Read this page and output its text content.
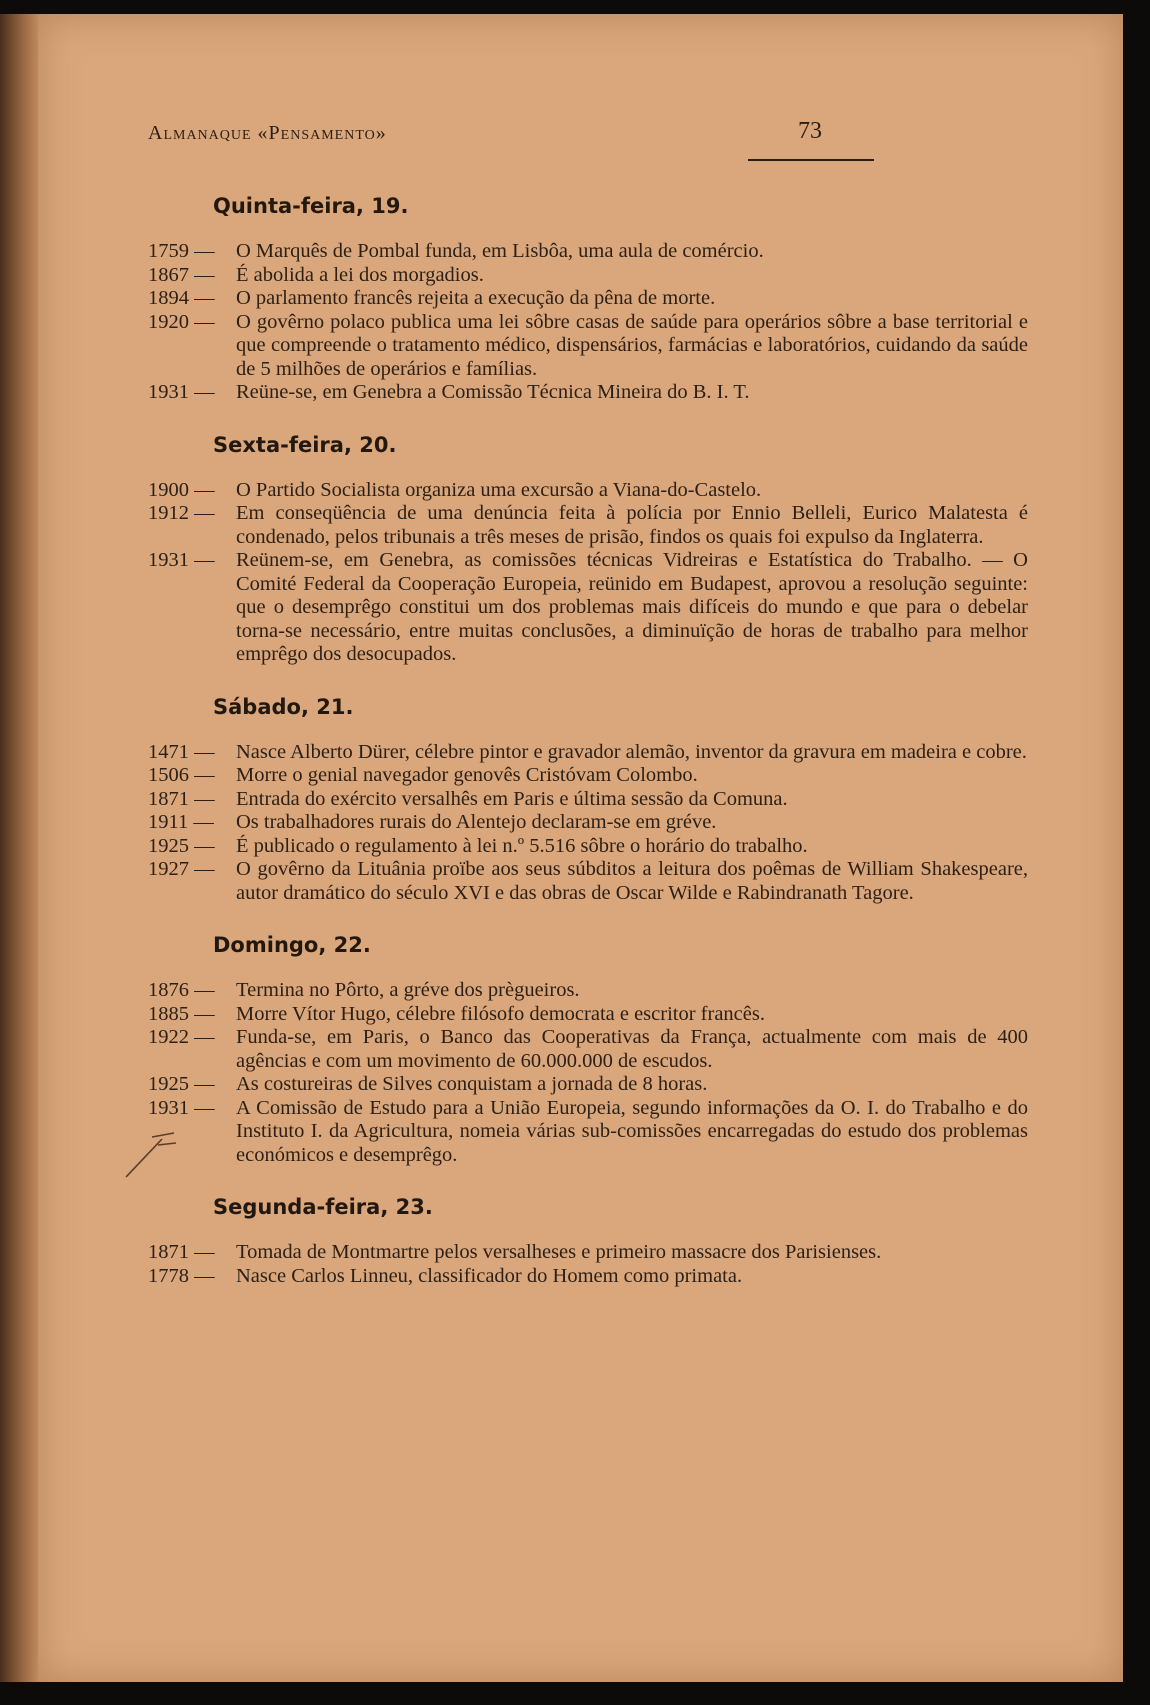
Almanaque «Pensamento»	73
Quinta-feira, 19.
1759 —	O Marquês de Pombal funda, em Lisbôa, uma aula de comércio.
1867 —	É abolida a lei dos morgadios.
1894 —	O parlamento francês rejeita a execução da pêna de morte.
1920 —	O govêrno polaco publica uma lei sôbre casas de saúde para operários sôbre a base territorial e que compreende o tratamento médico, dispensários, farmácias e laboratórios, cuidando da saúde de 5 milhões de operários e famílias.
1931 —	Reüne-se, em Genebra a Comissão Técnica Mineira do B. I. T.
Sexta-feira, 20.
1900 —	O Partido Socialista organiza uma excursão a Viana-do-Castelo.
1912 —	Em conseqüência de uma denúncia feita à polícia por Ennio Belleli, Eurico Malatesta é condenado, pelos tribunais a três meses de prisão, findos os quais foi expulso da Inglaterra.
1931 —	Reünem-se, em Genebra, as comissões técnicas Vidreiras e Estatística do Trabalho. — O Comité Federal da Cooperação Europeia, reünido em Budapest, aprovou a resolução seguinte: que o desemprêgo constitui um dos problemas mais difíceis do mundo e que para o debelar torna-se necessário, entre muitas conclusões, a diminuïção de horas de trabalho para melhor emprêgo dos desocupados.
Sábado, 21.
1471 —	Nasce Alberto Dürer, célebre pintor e gravador alemão, inventor da gravura em madeira e cobre.
1506 —	Morre o genial navegador genovês Cristóvam Colombo.
1871 —	Entrada do exército versalhês em Paris e última sessão da Comuna.
1911 —	Os trabalhadores rurais do Alentejo declaram-se em gréve.
1925 —	É publicado o regulamento à lei n.º 5.516 sôbre o horário do trabalho.
1927 —	O govêrno da Lituânia proïbe aos seus súbditos a leitura dos poêmas de William Shakespeare, autor dramático do século XVI e das obras de Oscar Wilde e Rabindranath Tagore.
Domingo, 22.
1876 —	Termina no Pôrto, a gréve dos prègueiros.
1885 —	Morre Vítor Hugo, célebre filósofo democrata e escritor francês.
1922 —	Funda-se, em Paris, o Banco das Cooperativas da França, actualmente com mais de 400 agências e com um movimento de 60.000.000 de escudos.
1925 —	As costureiras de Silves conquistam a jornada de 8 horas.
1931 —	A Comissão de Estudo para a União Europeia, segundo informações da O. I. do Trabalho e do Instituto I. da Agricultura, nomeia várias sub-comissões encarregadas do estudo dos problemas económicos e desemprêgo.
Segunda-feira, 23.
1871 —	Tomada de Montmartre pelos versalheses e primeiro massacre dos Parisienses.
1778 —	Nasce Carlos Linneu, classificador do Homem como primata.
